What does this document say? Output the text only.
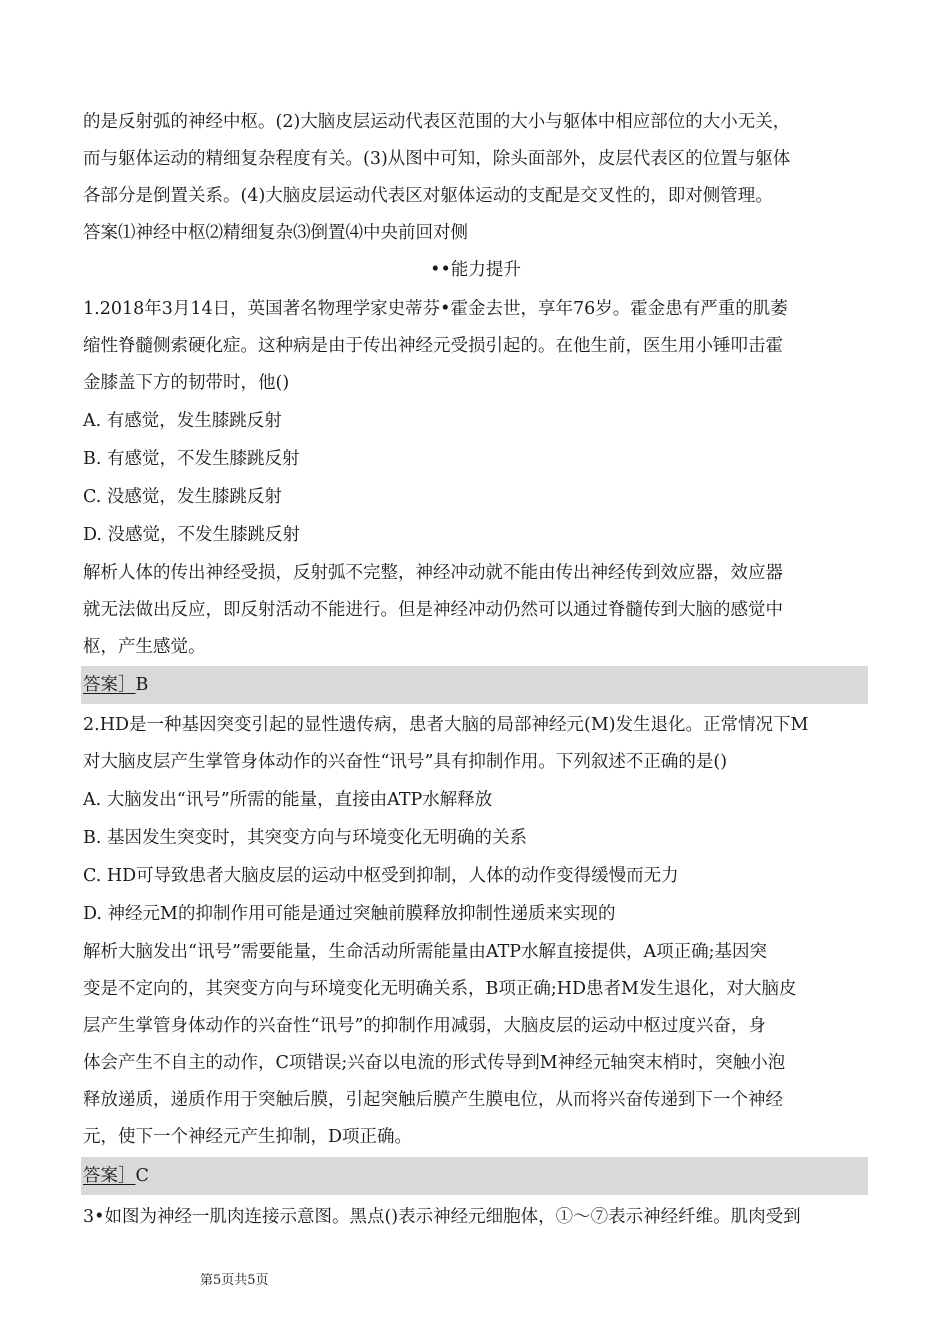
的是反射弧的神经中枢。(2)大脑皮层运动代表区范围的大小与躯体中相应部位的大小无关，
而与躯体运动的精细复杂程度有关。(3)从图中可知，除头面部外，皮层代表区的位置与躯体
各部分是倒置关系。(4)大脑皮层运动代表区对躯体运动的支配是交叉性的，即对侧管理。
答案⑴神经中枢⑵精细复杂⑶倒置⑷中央前回对侧
••能力提升
1.2018年3月14日，英国著名物理学家史蒂芬•霍金去世，享年76岁。霍金患有严重的肌萎
缩性脊髓侧索硬化症。这种病是由于传出神经元受损引起的。在他生前，医生用小锤叩击霍
金膝盖下方的韧带时，他()
A. 有感觉，发生膝跳反射
B. 有感觉，不发生膝跳反射
C. 没感觉，发生膝跳反射
D. 没感觉，不发生膝跳反射
解析人体的传出神经受损，反射弧不完整，神经冲动就不能由传出神经传到效应器，效应器
就无法做出反应，即反射活动不能进行。但是神经冲动仍然可以通过脊髓传到大脑的感觉中
枢，产生感觉。
答案］B
2.HD是一种基因突变引起的显性遗传病，患者大脑的局部神经元(M)发生退化。正常情况下M
对大脑皮层产生掌管身体动作的兴奋性“讯号”具有抑制作用。下列叙述不正确的是()
A. 大脑发出“讯号”所需的能量，直接由ATP水解释放
B. 基因发生突变时，其突变方向与环境变化无明确的关系
C. HD可导致患者大脑皮层的运动中枢受到抑制，人体的动作变得缓慢而无力
D. 神经元M的抑制作用可能是通过突触前膜释放抑制性递质来实现的
解析大脑发出“讯号”需要能量，生命活动所需能量由ATP水解直接提供，A项正确;基因突
变是不定向的，其突变方向与环境变化无明确关系，B项正确;HD患者M发生退化，对大脑皮
层产生掌管身体动作的兴奋性“讯号”的抑制作用减弱，大脑皮层的运动中枢过度兴奋，身
体会产生不自主的动作，C项错误;兴奋以电流的形式传导到M神经元轴突末梢时，突触小泡
释放递质，递质作用于突触后膜，引起突触后膜产生膜电位，从而将兴奋传递到下一个神经
元，使下一个神经元产生抑制，D项正确。
答案］C
3•如图为神经一肌肉连接示意图。黑点()表示神经元细胞体，①〜⑦表示神经纤维。肌肉受到
第5页共5页
